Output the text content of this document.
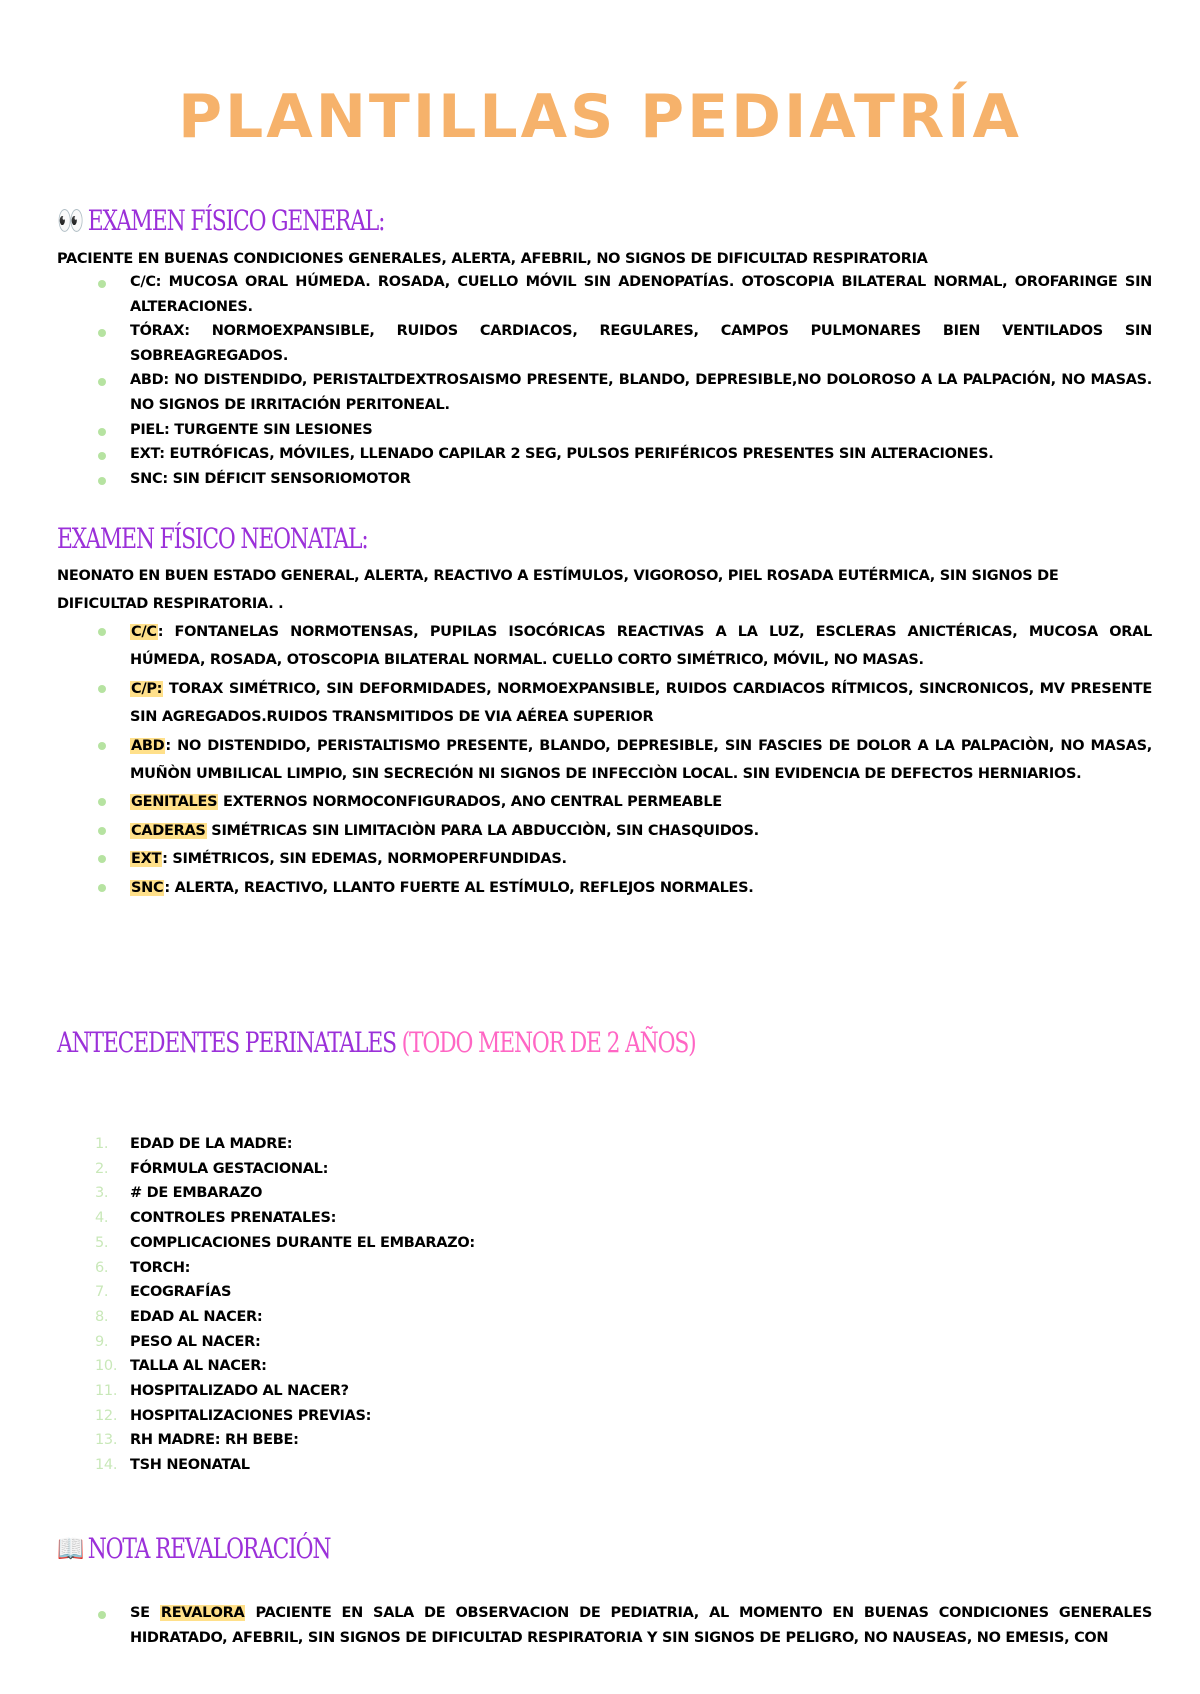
PLANTILLAS PEDIATRÍA
👀 EXAMEN FÍSICO GENERAL:

PACIENTE EN BUENAS CONDICIONES GENERALES, ALERTA, AFEBRIL, NO SIGNOS DE DIFICULTAD RESPIRATORIA

C/C: MUCOSA ORAL HÚMEDA. ROSADA, CUELLO MÓVIL SIN ADENOPATÍAS. OTOSCOPIA BILATERAL NORMAL, OROFARINGE SIN ALTERACIONES.
TÓRAX: NORMOEXPANSIBLE, RUIDOS CARDIACOS, REGULARES, CAMPOS PULMONARES BIEN VENTILADOS SIN SOBREAGREGADOS.
ABD: NO DISTENDIDO, PERISTALTDEXTROSAISMO PRESENTE, BLANDO, DEPRESIBLE,NO DOLOROSO A LA PALPACIÓN, NO MASAS. NO SIGNOS DE IRRITACIÓN PERITONEAL.
PIEL: TURGENTE SIN LESIONES
EXT: EUTRÓFICAS, MÓVILES, LLENADO CAPILAR 2 SEG, PULSOS PERIFÉRICOS PRESENTES SIN ALTERACIONES.
SNC: SIN DÉFICIT SENSORIOMOTOR
EXAMEN FÍSICO NEONATAL:

NEONATO EN BUEN ESTADO GENERAL, ALERTA, REACTIVO A ESTÍMULOS, VIGOROSO, PIEL ROSADA EUTÉRMICA, SIN SIGNOS DE DIFICULTAD RESPIRATORIA. .

C/C: FONTANELAS NORMOTENSAS, PUPILAS ISOCÓRICAS REACTIVAS A LA LUZ, ESCLERAS ANICTÉRICAS, MUCOSA ORAL HÚMEDA, ROSADA, OTOSCOPIA BILATERAL NORMAL. CUELLO CORTO SIMÉTRICO, MÓVIL, NO MASAS.
C/P: TORAX SIMÉTRICO, SIN DEFORMIDADES, NORMOEXPANSIBLE, RUIDOS CARDIACOS RÍTMICOS, SINCRONICOS, MV PRESENTE SIN AGREGADOS.RUIDOS TRANSMITIDOS DE VIA AÉREA SUPERIOR
ABD: NO DISTENDIDO, PERISTALTISMO PRESENTE, BLANDO, DEPRESIBLE, SIN FASCIES DE DOLOR A LA PALPACIÒN, NO MASAS, MUÑÒN UMBILICAL LIMPIO, SIN SECRECIÓN NI SIGNOS DE INFECCIÒN LOCAL. SIN EVIDENCIA DE DEFECTOS HERNIARIOS.
GENITALES EXTERNOS NORMOCONFIGURADOS, ANO CENTRAL PERMEABLE
CADERAS SIMÉTRICAS SIN LIMITACIÒN PARA LA ABDUCCIÒN, SIN CHASQUIDOS.
EXT: SIMÉTRICOS, SIN EDEMAS, NORMOPERFUNDIDAS.
SNC: ALERTA, REACTIVO, LLANTO FUERTE AL ESTÍMULO, REFLEJOS NORMALES.
ANTECEDENTES PERINATALES (TODO MENOR DE 2 AÑOS)
1. EDAD DE LA MADRE:
2. FÓRMULA GESTACIONAL:
3. # DE EMBARAZO
4. CONTROLES PRENATALES:
5. COMPLICACIONES DURANTE EL EMBARAZO:
6. TORCH:
7. ECOGRAFÍAS
8. EDAD AL NACER:
9. PESO AL NACER:
10. TALLA AL NACER:
11. HOSPITALIZADO AL NACER?
12. HOSPITALIZACIONES PREVIAS:
13. RH MADRE: RH BEBE:
14. TSH NEONATAL
📖 NOTA REVALORACIÓN
SE REVALORA PACIENTE EN SALA DE OBSERVACION DE PEDIATRIA, AL MOMENTO EN BUENAS CONDICIONES GENERALES HIDRATADO, AFEBRIL, SIN SIGNOS DE DIFICULTAD RESPIRATORIA Y SIN SIGNOS DE PELIGRO, NO NAUSEAS, NO EMESIS, CON
